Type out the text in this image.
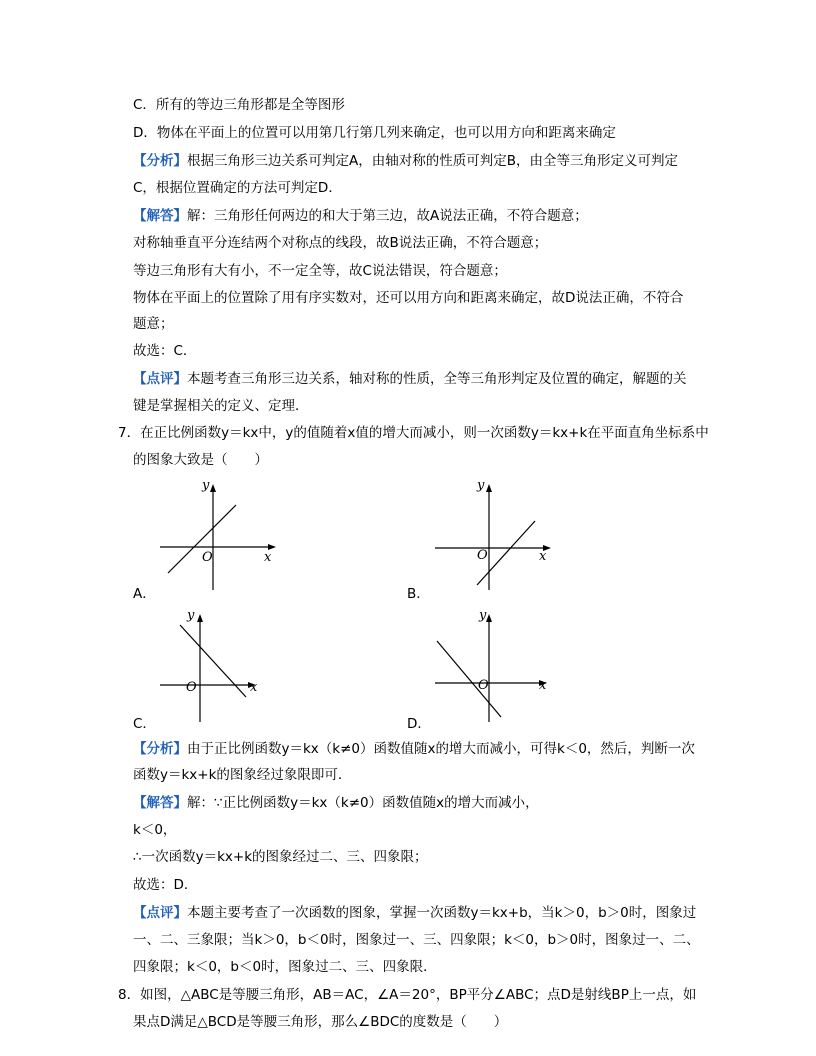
C．所有的等边三角形都是全等图形
D．物体在平面上的位置可以用第几行第几列来确定，也可以用方向和距离来确定
【分析】根据三角形三边关系可判定A，由轴对称的性质可判定B，由全等三角形定义可判定
C，根据位置确定的方法可判定D．
【解答】解：三角形任何两边的和大于第三边，故A说法正确，不符合题意；
对称轴垂直平分连结两个对称点的线段，故B说法正确，不符合题意；
等边三角形有大有小，不一定全等，故C说法错误，符合题意；
物体在平面上的位置除了用有序实数对，还可以用方向和距离来确定，故D说法正确，不符合
题意；
故选：C．
【点评】本题考查三角形三边关系，轴对称的性质，全等三角形判定及位置的确定，解题的关
键是掌握相关的定义、定理．
7．在正比例函数y＝kx中，y的值随着x值的增大而减小，则一次函数y＝kx+k在平面直角坐标系中
的图象大致是（　　）
y
x
O
A．
y
x
O
B．
y
x
O
C．
y
x
O
D．
【分析】由于正比例函数y＝kx（k≠0）函数值随x的增大而减小，可得k＜0，然后，判断一次
函数y＝kx+k的图象经过象限即可．
【解答】解：∵正比例函数y＝kx（k≠0）函数值随x的增大而减小，
k＜0，
∴一次函数y＝kx+k的图象经过二、三、四象限；
故选：D．
【点评】本题主要考查了一次函数的图象，掌握一次函数y＝kx+b，当k＞0，b＞0时，图象过
一、二、三象限；当k＞0，b＜0时，图象过一、三、四象限；k＜0，b＞0时，图象过一、二、
四象限；k＜0，b＜0时，图象过二、三、四象限．
8．如图，△ABC是等腰三角形，AB＝AC，∠A＝20°，BP平分∠ABC；点D是射线BP上一点，如
果点D满足△BCD是等腰三角形，那么∠BDC的度数是（　　）
